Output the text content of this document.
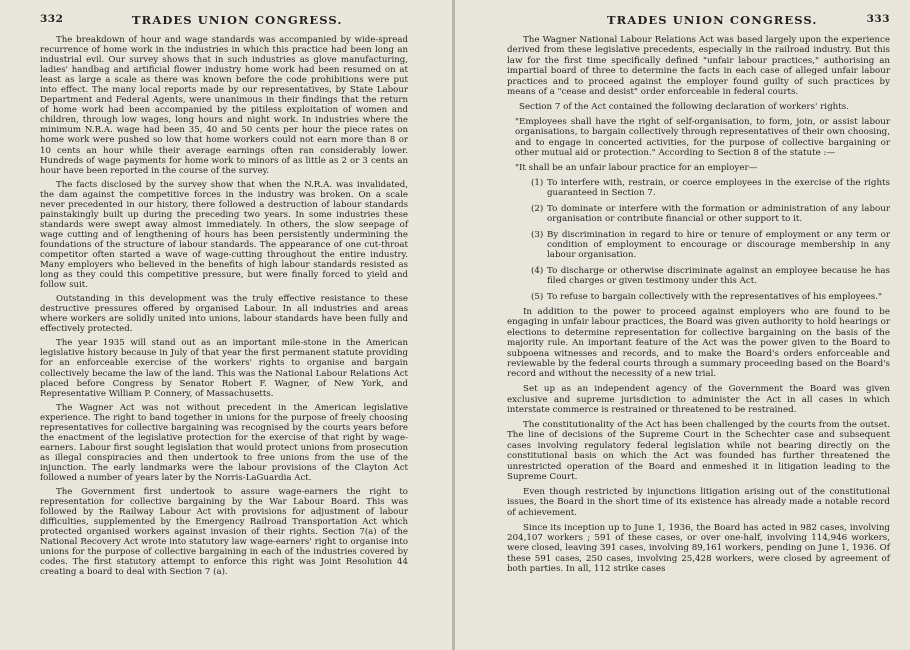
332	TRADES UNION CONGRESS.

The breakdown of hour and wage standards was accompanied by wide-spread recurrence of home work in the industries in which this practice had been long an industrial evil. Our survey shows that in such industries as glove manufacturing, ladies' handbag and artificial flower industry home work had been resumed on at least as large a scale as there was known before the code prohibitions were put into effect. The many local reports made by our representatives, by State Labour Department and Federal Agents, were unanimous in their findings that the return of home work had been accompanied by the pitiless exploitation of women and children, through low wages, long hours and night work. In industries where the minimum N.R.A. wage had been 35, 40 and 50 cents per hour the piece rates on home work were pushed so low that home workers could not earn more than 8 or 10 cents an hour while their average earnings often ran considerably lower. Hundreds of wage payments for home work to minors of as little as 2 or 3 cents an hour have been reported in the course of the survey.

The facts disclosed by the survey show that when the N.R.A. was invalidated, the dam against the competitive forces in the industry was broken. On a scale never precedented in our history, there followed a destruction of labour standards painstakingly built up during the preceding two years. In some industries these standards were swept away almost immediately. In others, the slow seepage of wage cutting and of lengthening of hours has been persistently undermining the foundations of the structure of labour standards. The appearance of one cut-throat competitor often started a wave of wage-cutting throughout the entire industry. Many employers who believed in the benefits of high labour standards resisted as long as they could this competitive pressure, but were finally forced to yield and follow suit.

Outstanding in this development was the truly effective resistance to these destructive pressures offered by organised Labour. In all industries and areas where workers are solidly united into unions, labour standards have been fully and effectively protected.

The year 1935 will stand out as an important mile-stone in the American legislative history because in July of that year the first permanent statute providing for an enforceable exercise of the workers' rights to organise and bargain collectively became the law of the land. This was the National Labour Relations Act placed before Congress by Senator Robert F. Wagner, of New York, and Representative William P. Connery, of Massachusetts.

The Wagner Act was not without precedent in the American legislative experience. The right to band together in unions for the purpose of freely choosing representatives for collective bargaining was recognised by the courts years before the enactment of the legislative protection for the exercise of that right by wage-earners. Labour first sought legislation that would protect unions from prosecution as illegal conspiracies and then undertook to free unions from the use of the injunction. The early landmarks were the labour provisions of the Clayton Act followed a number of years later by the Norris-LaGuardia Act.

The Government first undertook to assure wage-earners the right to representation for collective bargaining by the War Labour Board. This was followed by the Railway Labour Act with provisions for adjustment of labour difficulties, supplemented by the Emergency Railroad Transportation Act which protected organised workers against invasion of their rights. Section 7(a) of the National Recovery Act wrote into statutory law wage-earners' right to organise into unions for the purpose of collective bargaining in each of the industries covered by codes. The first statutory attempt to enforce this right was Joint Resolution 44 creating a board to deal with Section 7 (a).

TRADES UNION CONGRESS.	333

The Wagner National Labour Relations Act was based largely upon the experience derived from these legislative precedents, especially in the railroad industry. But this law for the first time specifically defined "unfair labour practices," authorising an impartial board of three to determine the facts in each case of alleged unfair labour practices and to proceed against the employer found guilty of such practices by means of a "cease and desist" order enforceable in federal courts.

Section 7 of the Act contained the following declaration of workers' rights.

"Employees shall have the right of self-organisation, to form, join, or assist labour organisations, to bargain collectively through representatives of their own choosing, and to engage in concerted activities, for the purpose of collective bargaining or other mutual aid or protection." According to Section 8 of the statute :—

"It shall be an unfair labour practice for an employer—

(1) To interfere with, restrain, or coerce employees in the exercise of the rights guaranteed in Section 7.
(2) To dominate or interfere with the formation or administration of any labour organisation or contribute financial or other support to it.
(3) By discrimination in regard to hire or tenure of employment or any term or condition of employment to encourage or discourage membership in any labour organisation.
(4) To discharge or otherwise discriminate against an employee because he has filed charges or given testimony under this Act.
(5) To refuse to bargain collectively with the representatives of his employees."

In addition to the power to proceed against employers who are found to be engaging in unfair labour practices, the Board was given authority to hold hearings or elections to determine representation for collective bargaining on the basis of the majority rule. An important feature of the Act was the power given to the Board to subpoena witnesses and records, and to make the Board's orders enforceable and reviewable by the federal courts through a summary proceeding based on the Board's record and without the necessity of a new trial.

Set up as an independent agency of the Government the Board was given exclusive and supreme jurisdiction to administer the Act in all cases in which interstate commerce is restrained or threatened to be restrained.

The constitutionality of the Act has been challenged by the courts from the outset. The line of decisions of the Supreme Court in the Schechter case and subsequent cases involving regulatory federal legislation while not bearing directly on the constitutional basis on which the Act was founded has further threatened the unrestricted operation of the Board and enmeshed it in litigation leading to the Supreme Court.

Even though restricted by injunctions litigation arising out of the constitutional issues, the Board in the short time of its existence has already made a notable record of achievement.

Since its inception up to June 1, 1936, the Board has acted in 982 cases, involving 204,107 workers ; 591 of these cases, or over one-half, involving 114,946 workers, were closed, leaving 391 cases, involving 89,161 workers, pending on June 1, 1936. Of these 591 cases, 250 cases, involving 25,428 workers, were closed by agreement of both parties. In all, 112 strike cases
